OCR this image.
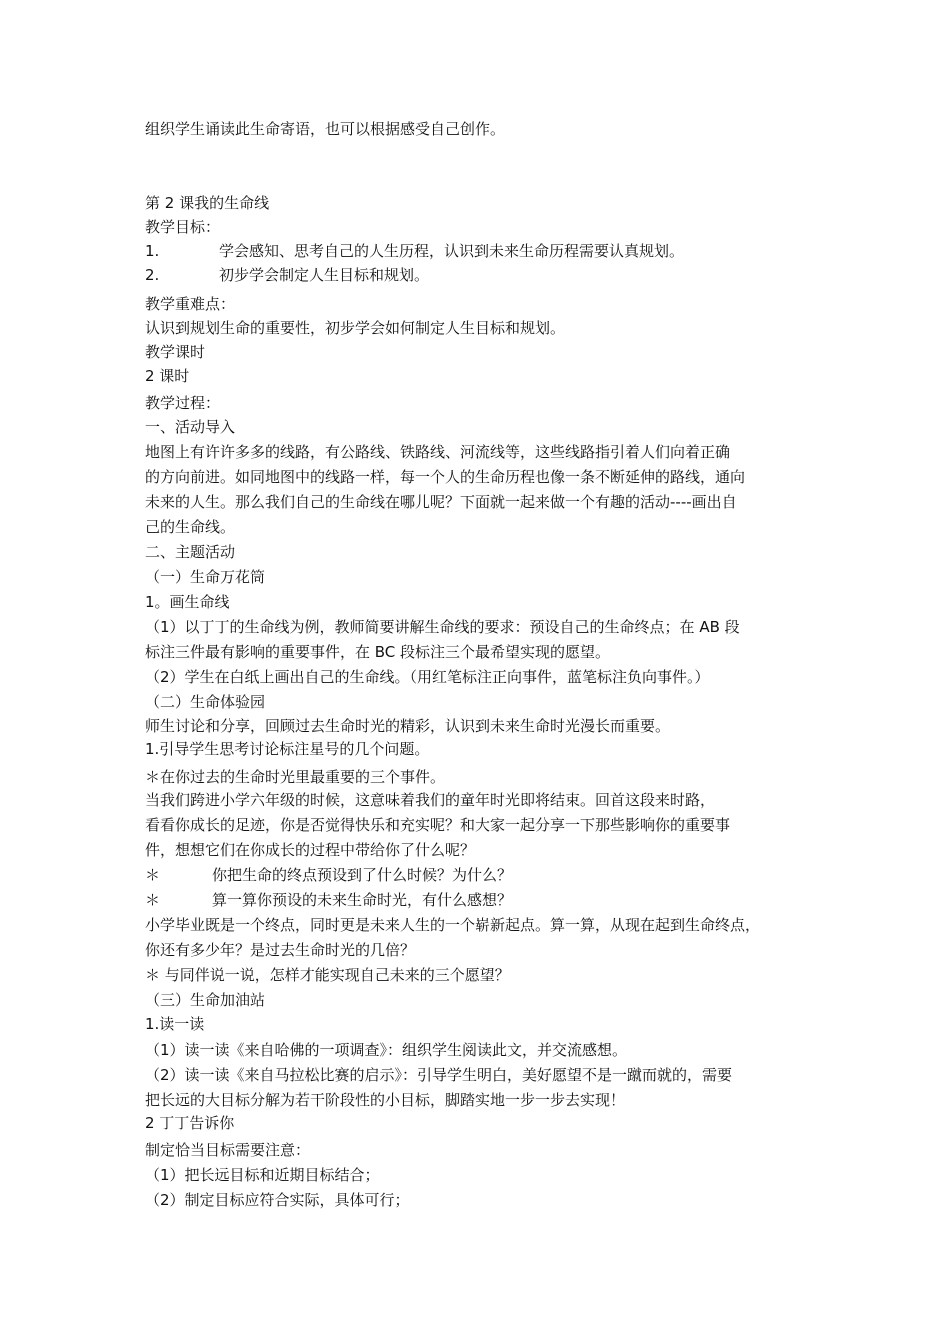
组织学生诵读此生命寄语，也可以根据感受自己创作。
第 2 课我的生命线
教学目标：
1.	学会感知、思考自己的人生历程，认识到未来生命历程需要认真规划。
2.	初步学会制定人生目标和规划。
教学重难点：
认识到规划生命的重要性，初步学会如何制定人生目标和规划。
教学课时
2 课时
教学过程：
一、活动导入
地图上有许许多多的线路，有公路线、铁路线、河流线等，这些线路指引着人们向着正确
的方向前进。如同地图中的线路一样，每一个人的生命历程也像一条不断延伸的路线，通向
未来的人生。那么我们自己的生命线在哪儿呢？下面就一起来做一个有趣的活动----画出自
己的生命线。
二、主题活动
（一）生命万花筒
1。画生命线
（1）以丁丁的生命线为例，教师简要讲解生命线的要求：预设自己的生命终点；在 AB 段
标注三件最有影响的重要事件，在 BC 段标注三个最希望实现的愿望。
（2）学生在白纸上画出自己的生命线。（用红笔标注正向事件，蓝笔标注负向事件。）
（二）生命体验园
师生讨论和分享，回顾过去生命时光的精彩，认识到未来生命时光漫长而重要。
1.引导学生思考讨论标注星号的几个问题。
＊在你过去的生命时光里最重要的三个事件。
当我们跨进小学六年级的时候，这意味着我们的童年时光即将结束。回首这段来时路，
看看你成长的足迹，你是否觉得快乐和充实呢？和大家一起分享一下那些影响你的重要事
件，想想它们在你成长的过程中带给你了什么呢？
＊	你把生命的终点预设到了什么时候？为什么？
＊	算一算你预设的未来生命时光，有什么感想？
小学毕业既是一个终点，同时更是未来人生的一个崭新起点。算一算，从现在起到生命终点，
你还有多少年？是过去生命时光的几倍？
＊ 与同伴说一说，怎样才能实现自己未来的三个愿望？
（三）生命加油站
1.读一读
（1）读一读《来自哈佛的一项调查》：组织学生阅读此文，并交流感想。
（2）读一读《来自马拉松比赛的启示》：引导学生明白，美好愿望不是一蹴而就的，需要
把长远的大目标分解为若干阶段性的小目标，脚踏实地一步一步去实现！
2 丁丁告诉你
制定恰当目标需要注意：
（1）把长远目标和近期目标结合；
（2）制定目标应符合实际，具体可行；
